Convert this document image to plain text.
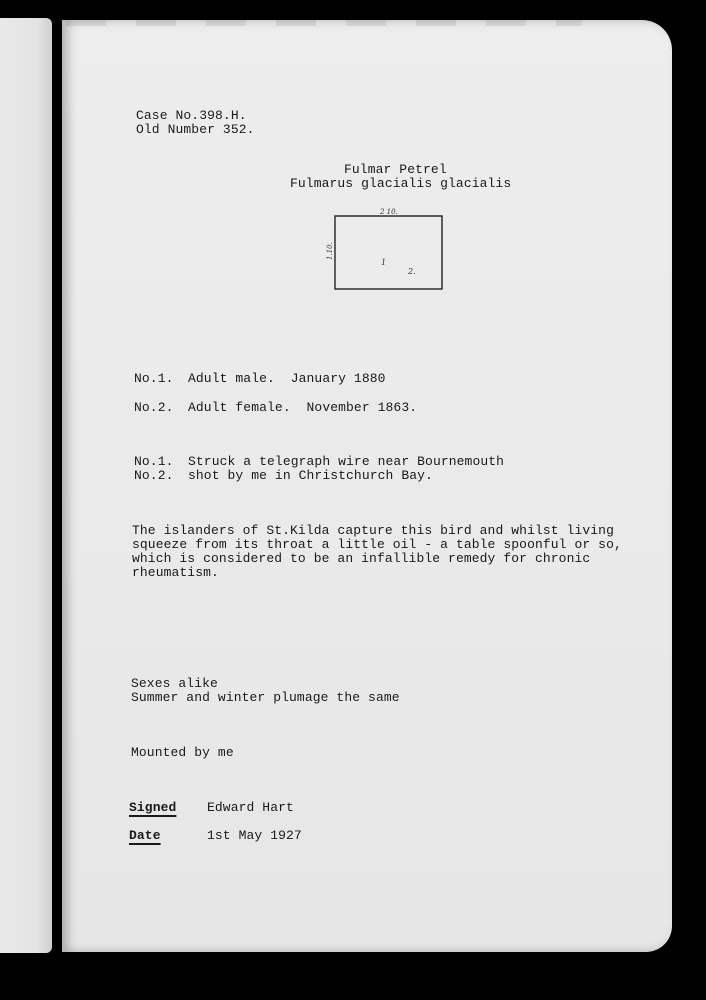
Case No.398.H.
Old Number 352.
Fulmar Petrel
Fulmarus glacialis glacialis
2 10.
1.10.
1
2.
No.1. Adult male.  January 1880
No.2. Adult female.  November 1863.
No.1. Struck a telegraph wire near Bournemouth
No.2. shot by me in Christchurch Bay.
The islanders of St.Kilda capture this bird and whilst living
squeeze from its throat a little oil - a table spoonful or so,
which is considered to be an infallible remedy for chronic
rheumatism.
Sexes alike
Summer and winter plumage the same
Mounted by me
Signed Edward Hart
Date	1st May 1927
